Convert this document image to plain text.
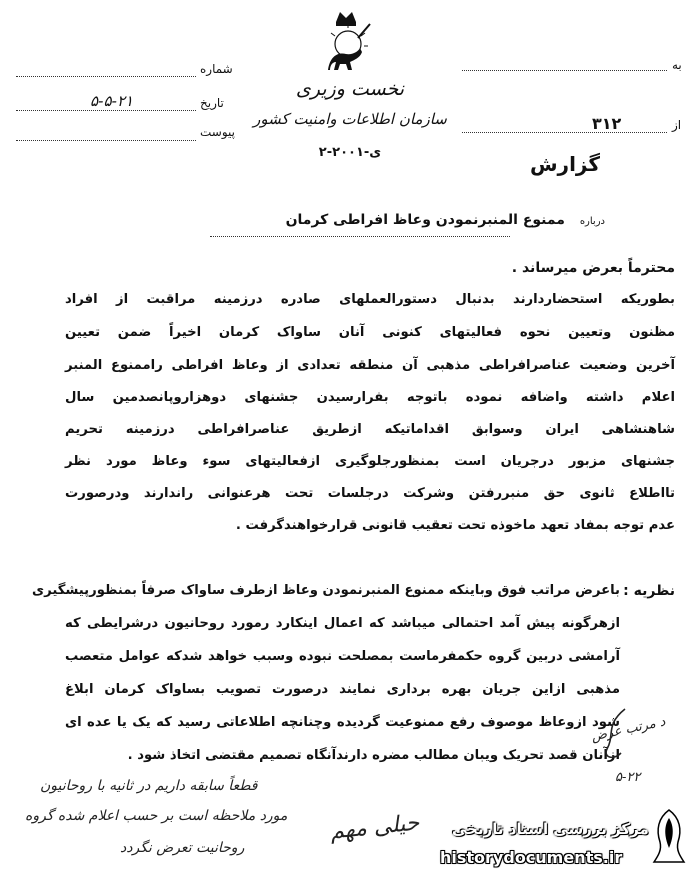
شماره
تاریخ
۵-۵-۲۱
پیوست
نخست وزیری
سازمان اطلاعات وامنیت کشور
ی-۲۰۰۱-۲
به
از
۳۱۲
گزارش
درباره ممنوع المنبرنمودن وعاظ افراطی کرمان
محترماً بعرض میرساند .
بطوریکه استحضاردارند بدنبال دستورالعملهای صادره درزمینه مراقبت از افراد
مظنون وتعیین نحوه فعالیتهای کنونی آنان ساواک کرمان اخیراً ضمن تعیین
آخرین وضعیت عناصرافراطی مذهبی آن منطقه تعدادی از وعاظ افراطی راممنوع المنبر
اعلام داشته واضافه نموده باتوجه بفرارسیدن جشنهای دوهزاروپانصدمین سال
شاهنشاهی ایران وسوابق اقداماتیکه ازطریق عناصرافراطی درزمینه تحریم
جشنهای مزبور درجریان است بمنظورجلوگیری ازفعالیتهای سوء وعاظ مورد نظر
تااطلاع ثانوی حق منبررفتن وشرکت درجلسات تحت هرعنوانی راندارند ودرصورت
عدم توجه بمفاد تعهد ماخوذه تحت تعقیب قانونی قرارخواهندگرفت .
نظریه :
باعرض مراتب فوق وباینکه ممنوع المنبرنمودن وعاظ ازطرف ساواک صرفاً بمنظورپیشگیری
ازهرگونه پیش آمد احتمالی میباشد که اعمال اینکارد رمورد روحانیون درشرایطی که
آرامشی دربین گروه حکمفرماست بمصلحت نبوده وسبب خواهد شدکه عوامل متعصب
مذهبی ازاین جریان بهره برداری نمایند درصورت تصویب بساواک کرمان ابلاغ
شود ازوعاظ موصوف رفع ممنوعیت گردیده وچنانچه اطلاعاتی رسید که یک یا عده ای
ازآنان قصد تحریک ویبان مطالب مضره دارندآنگاه تصمیم مقتضی اتخاذ شود .
د مرتب عرض
۵-۲۲
قطعاً سابقه داریم در ثانیه با روحانیون
مورد ملاحظه است بر حسب اعلام شده گروه
روحانیت تعرض نگردد
حیلی مهم مرکز بررسی اسناد تاریخی
historydocuments.ir
